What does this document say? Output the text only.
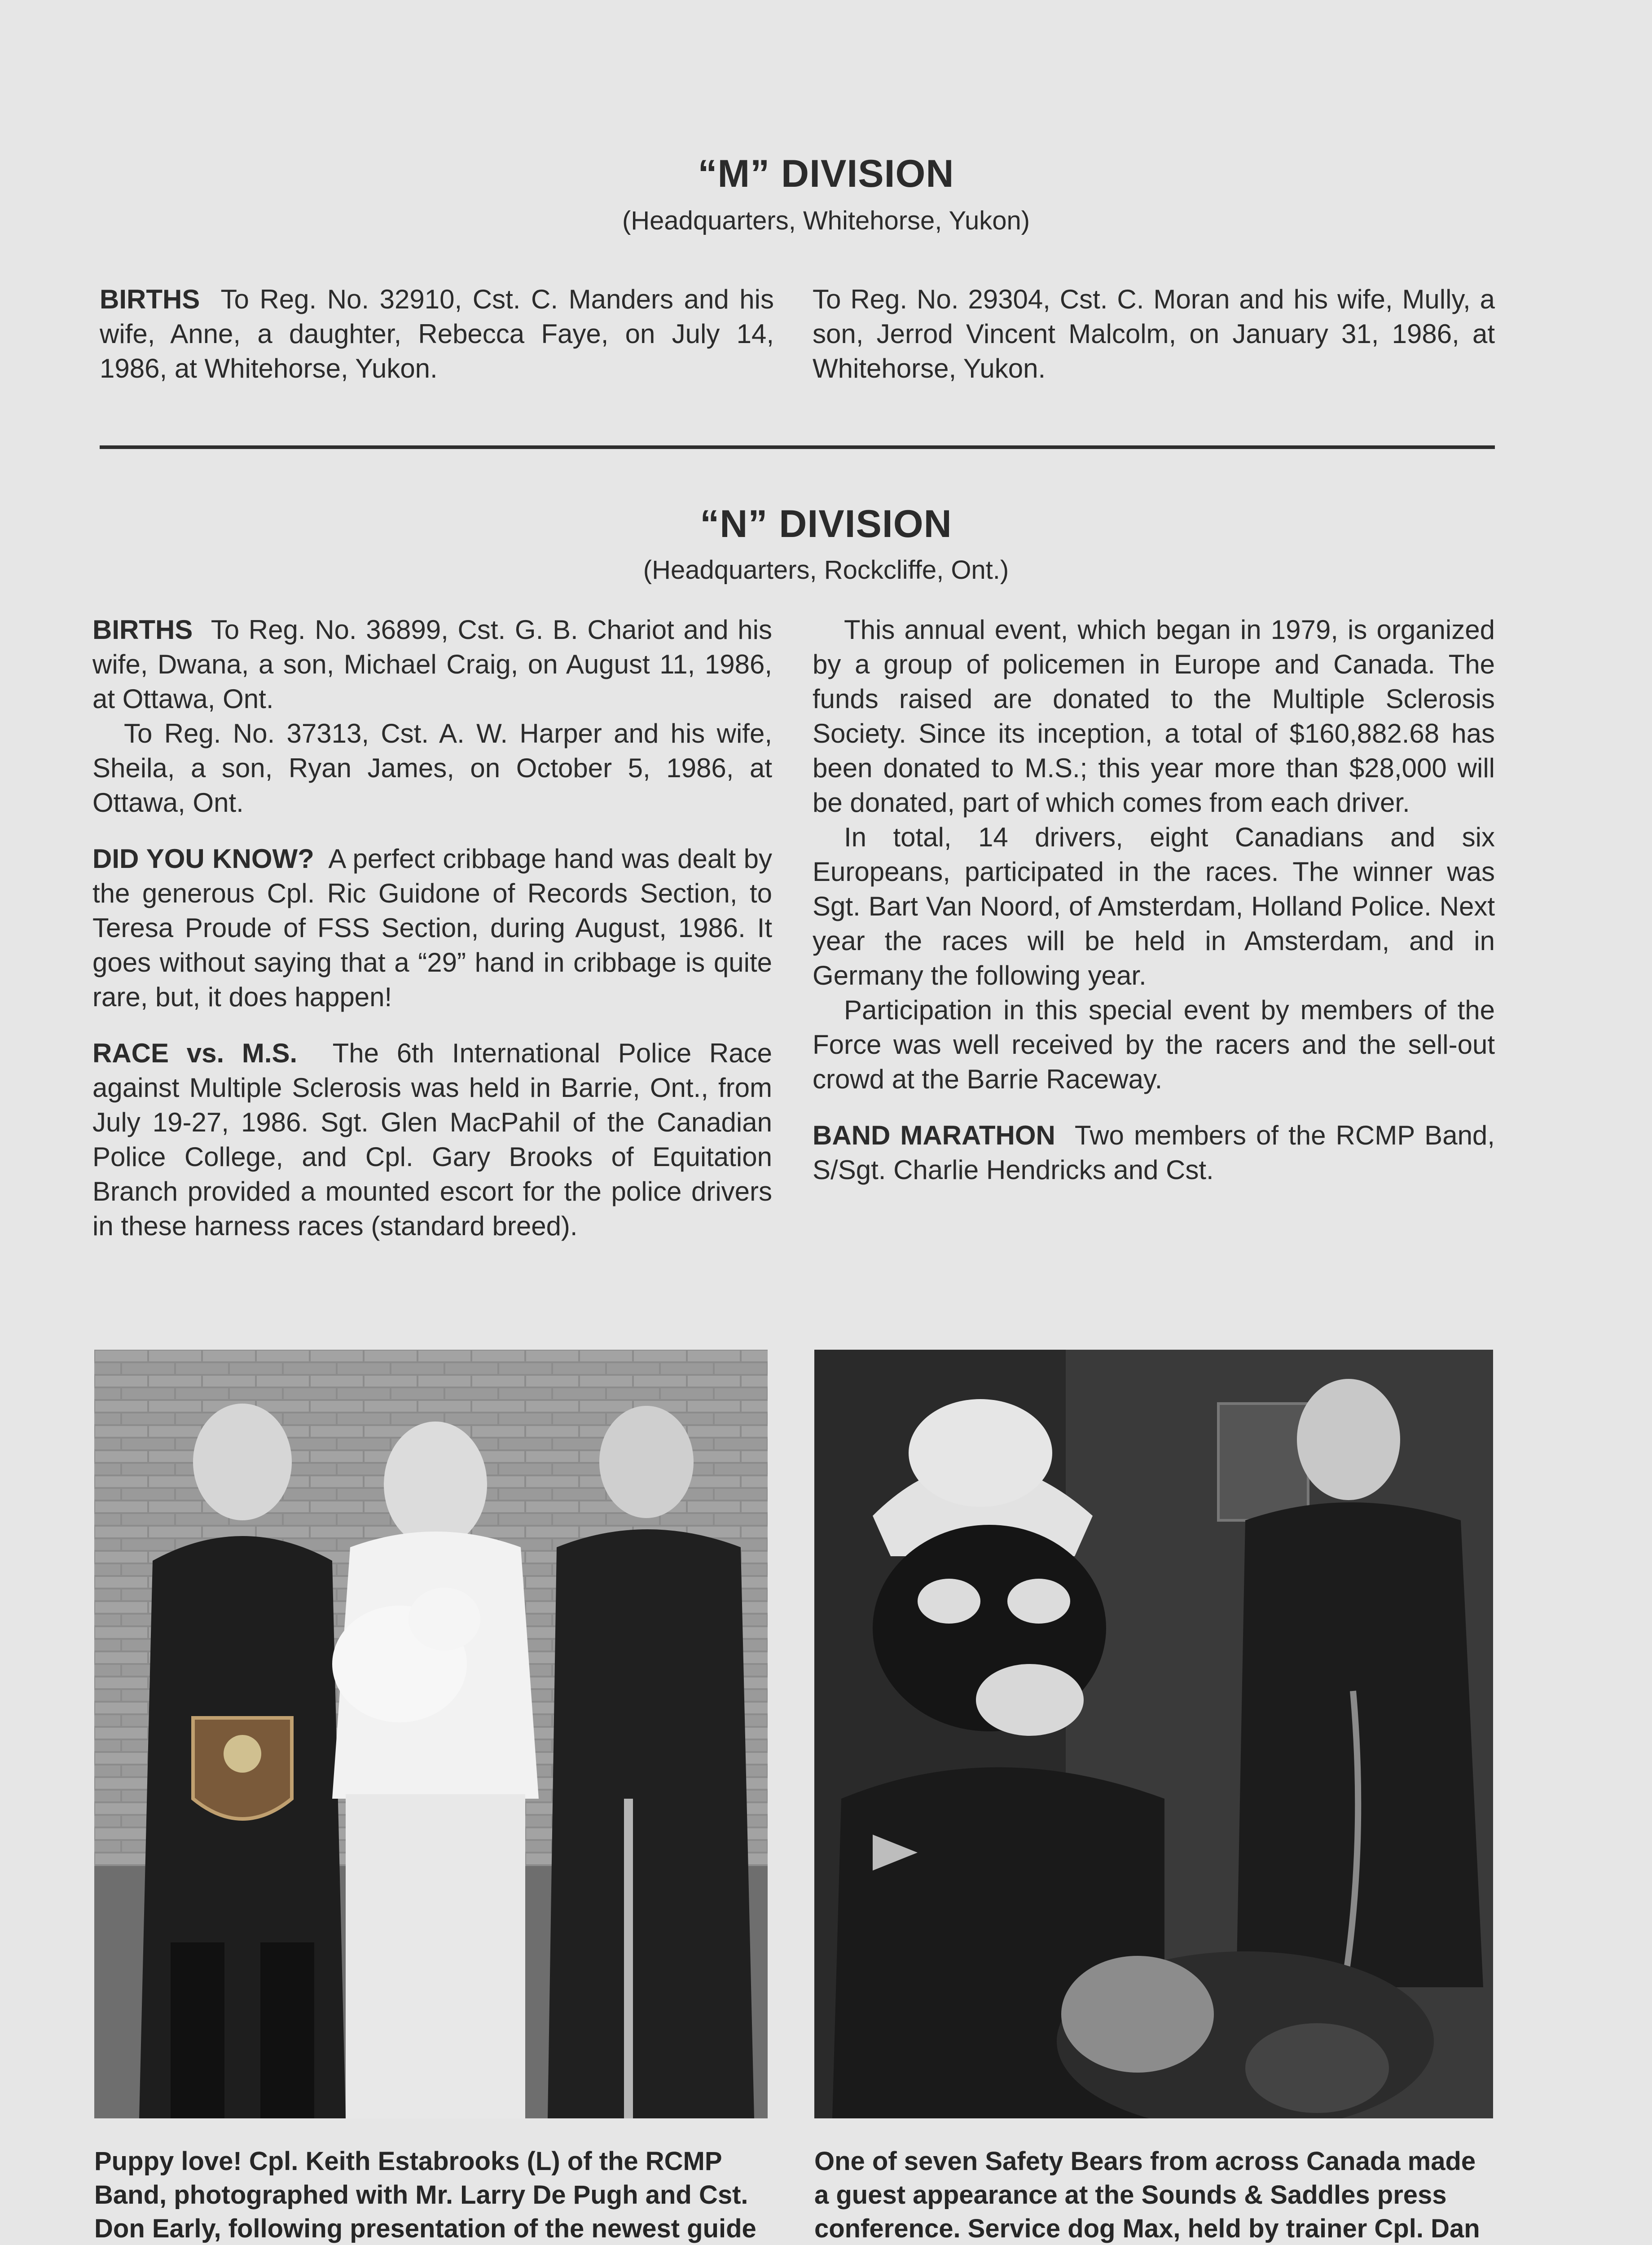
“M” DIVISION
(Headquarters, Whitehorse, Yukon)

BIRTHS To Reg. No. 32910, Cst. C. Manders and his wife, Anne, a daughter, Rebecca Faye, on July 14, 1986, at Whitehorse, Yukon.

To Reg. No. 29304, Cst. C. Moran and his wife, Mully, a son, Jerrod Vincent Malcolm, on January 31, 1986, at Whitehorse, Yukon.

“N” DIVISION
(Headquarters, Rockcliffe, Ont.)

BIRTHS To Reg. No. 36899, Cst. G. B. Chariot and his wife, Dwana, a son, Michael Craig, on August 11, 1986, at Ottawa, Ont.

To Reg. No. 37313, Cst. A. W. Harper and his wife, Sheila, a son, Ryan James, on October 5, 1986, at Ottawa, Ont.

DID YOU KNOW? A perfect cribbage hand was dealt by the generous Cpl. Ric Guidone of Records Section, to Teresa Proude of FSS Section, during August, 1986. It goes without saying that a “29” hand in cribbage is quite rare, but, it does happen!

RACE vs. M.S. The 6th International Police Race against Multiple Sclerosis was held in Barrie, Ont., from July 19-27, 1986. Sgt. Glen MacPahil of the Canadian Police College, and Cpl. Gary Brooks of Equitation Branch provided a mounted escort for the police drivers in these harness races (standard breed).

This annual event, which began in 1979, is organized by a group of policemen in Europe and Canada. The funds raised are donated to the Multiple Sclerosis Society. Since its inception, a total of $160,882.68 has been donated to M.S.; this year more than $28,000 will be donated, part of which comes from each driver.

In total, 14 drivers, eight Canadians and six Europeans, participated in the races. The winner was Sgt. Bart Van Noord, of Amsterdam, Holland Police. Next year the races will be held in Amsterdam, and in Germany the following year.

Participation in this special event by members of the Force was well received by the racers and the sell-out crowd at the Barrie Raceway.

BAND MARATHON Two members of the RCMP Band, S/Sgt. Charlie Hendricks and Cst.

Puppy love! Cpl. Keith Estabrooks (L) of the RCMP Band, photographed with Mr. Larry De Pugh and Cst. Don Early, following presentation of the newest guide
One of seven Safety Bears from across Canada made a guest appearance at the Sounds & Saddles press conference. Service dog Max, held by trainer Cpl. Dan
